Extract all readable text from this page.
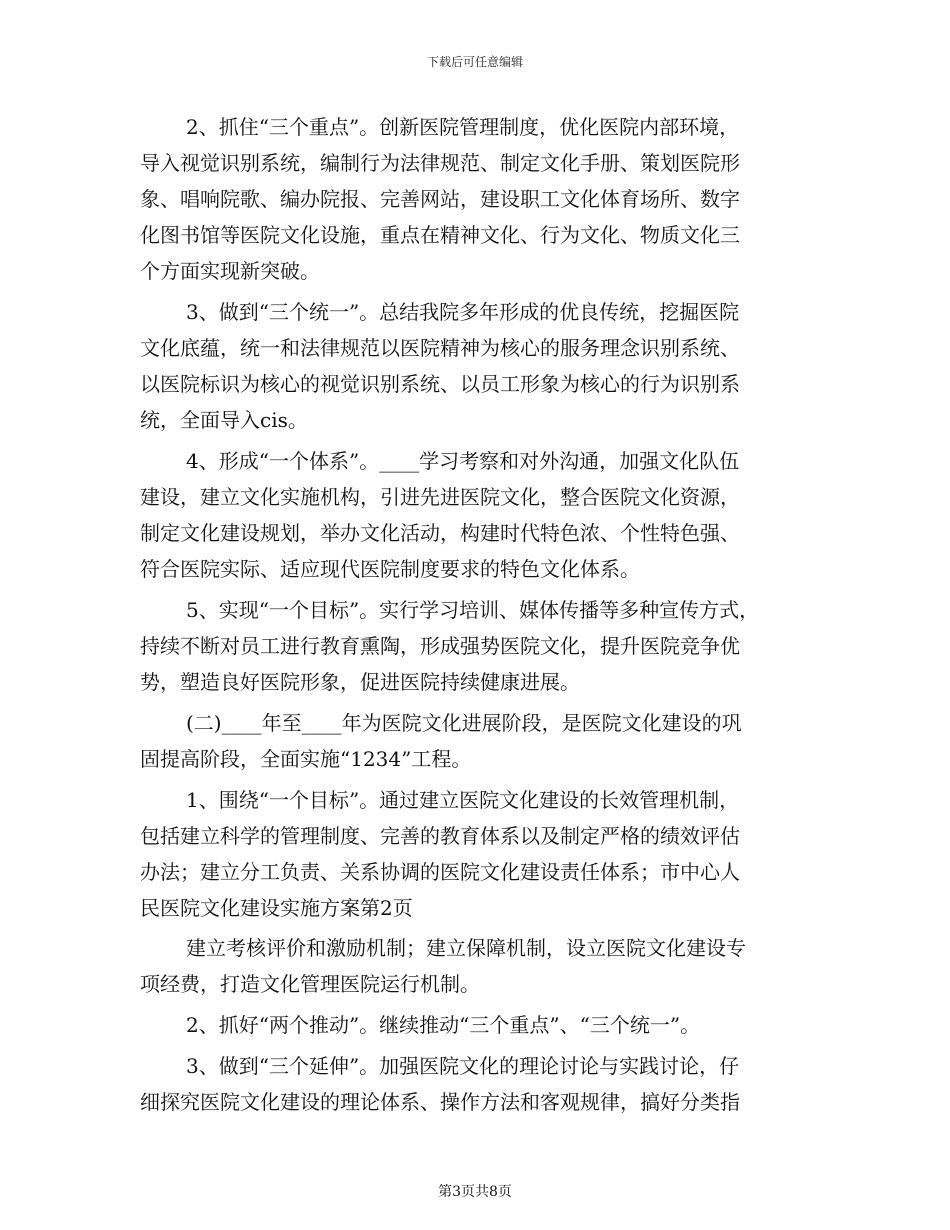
下载后可任意编辑
2、抓住“三个重点”。创新医院管理制度，优化医院内部环境，
导入视觉识别系统，编制行为法律规范、制定文化手册、策划医院形
象、唱响院歌、编办院报、完善网站，建设职工文化体育场所、数字
化图书馆等医院文化设施，重点在精神文化、行为文化、物质文化三
个方面实现新突破。
3、做到“三个统一”。总结我院多年形成的优良传统，挖掘医院
文化底蕴，统一和法律规范以医院精神为核心的服务理念识别系统、
以医院标识为核心的视觉识别系统、以员工形象为核心的行为识别系
统，全面导入cis。
4、形成“一个体系”。____学习考察和对外沟通，加强文化队伍
建设，建立文化实施机构，引进先进医院文化，整合医院文化资源，
制定文化建设规划，举办文化活动，构建时代特色浓、个性特色强、
符合医院实际、适应现代医院制度要求的特色文化体系。
5、实现“一个目标”。实行学习培训、媒体传播等多种宣传方式，
持续不断对员工进行教育熏陶，形成强势医院文化，提升医院竞争优
势，塑造良好医院形象，促进医院持续健康进展。
(二)____年至____年为医院文化进展阶段，是医院文化建设的巩
固提高阶段，全面实施“1234”工程。
1、围绕“一个目标”。通过建立医院文化建设的长效管理机制，
包括建立科学的管理制度、完善的教育体系以及制定严格的绩效评估
办法；建立分工负责、关系协调的医院文化建设责任体系；市中心人
民医院文化建设实施方案第2页
建立考核评价和激励机制；建立保障机制，设立医院文化建设专
项经费，打造文化管理医院运行机制。
2、抓好“两个推动”。继续推动“三个重点”、“三个统一”。
3、做到“三个延伸”。加强医院文化的理论讨论与实践讨论，仔
细探究医院文化建设的理论体系、操作方法和客观规律，搞好分类指
第3页共8页
